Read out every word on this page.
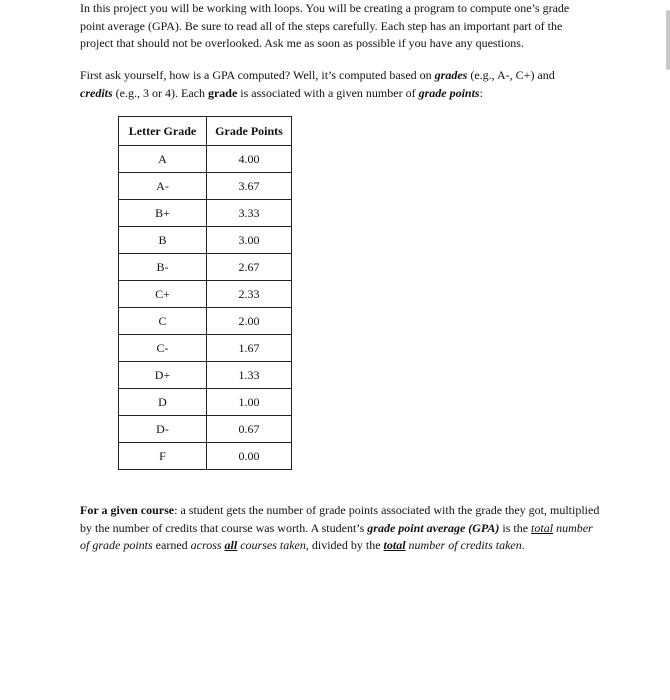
In this project you will be working with loops. You will be creating a program to compute one’s grade point average (GPA). Be sure to read all of the steps carefully. Each step has an important part of the project that should not be overlooked. Ask me as soon as possible if you have any questions.

First ask yourself, how is a GPA computed? Well, it’s computed based on grades (e.g., A-, C+) and credits (e.g., 3 or 4). Each grade is associated with a given number of grade points:

Letter Grade	Grade Points
A	4.00
A-	3.67
B+	3.33
B	3.00
B-	2.67
C+	2.33
C	2.00
C-	1.67
D+	1.33
D	1.00
D-	0.67
F	0.00

For a given course: a student gets the number of grade points associated with the grade they got, multiplied by the number of credits that course was worth. A student’s grade point average (GPA) is the total number of grade points earned across all courses taken, divided by the total number of credits taken.
